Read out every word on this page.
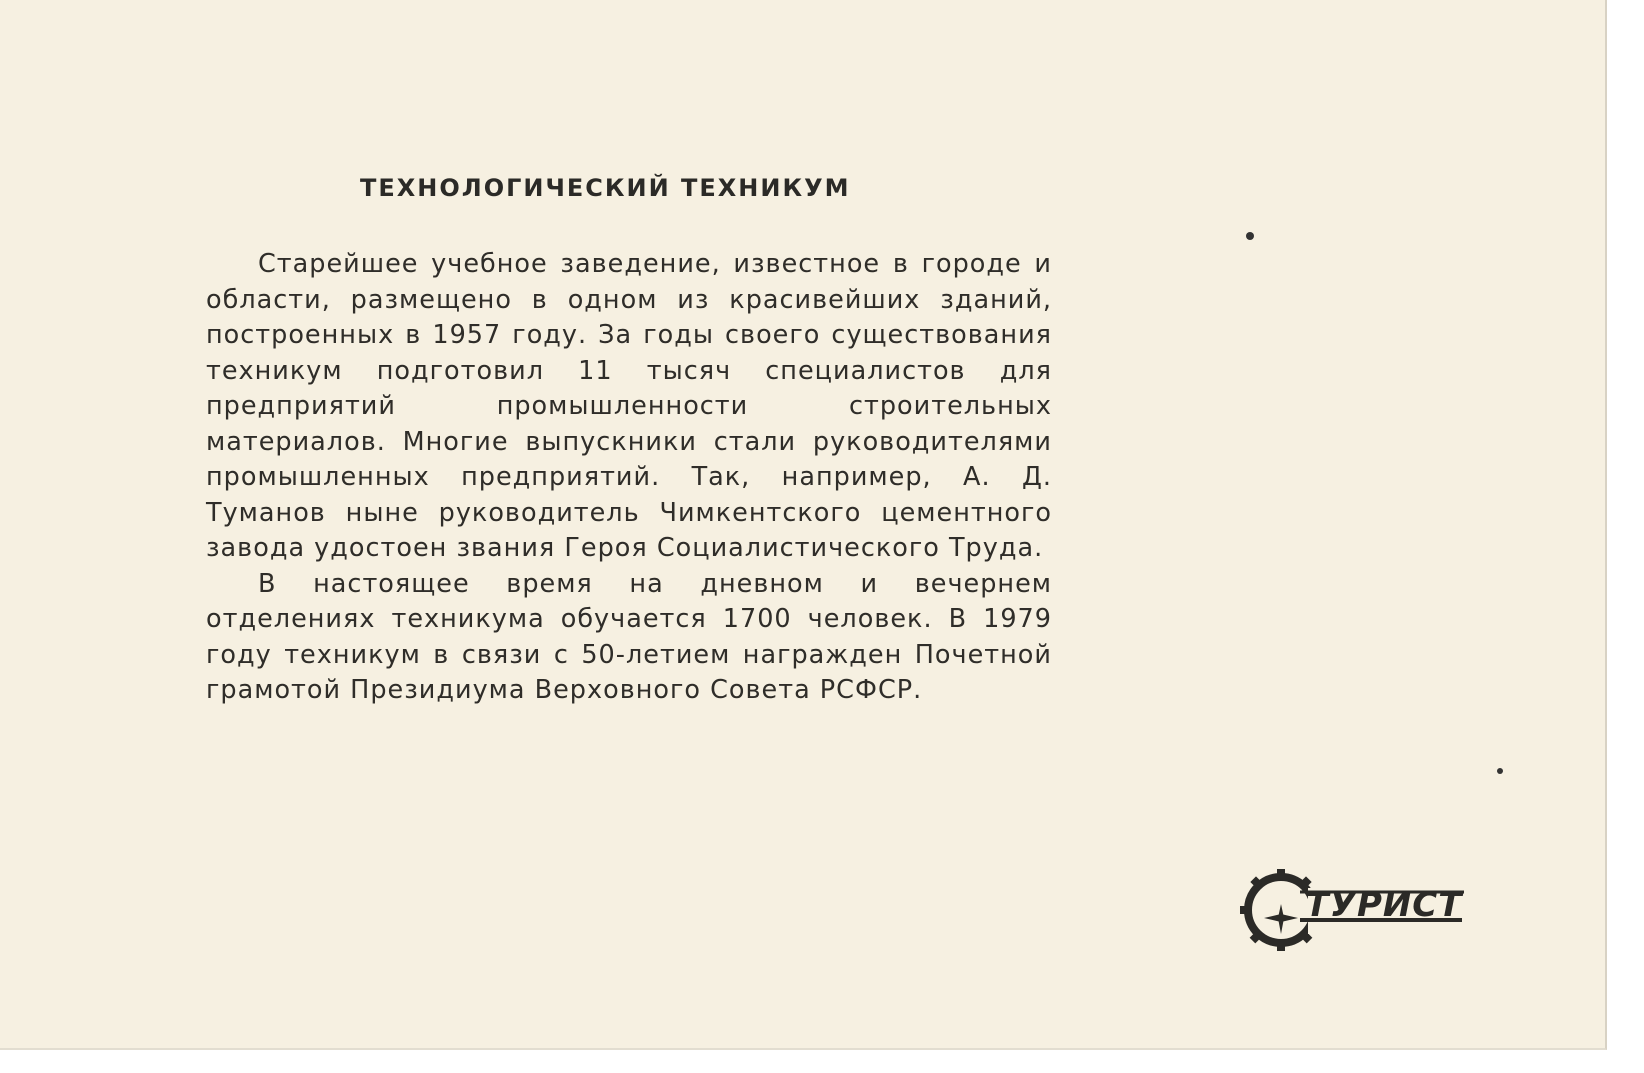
ТЕХНОЛОГИЧЕСКИЙ ТЕХНИКУМ

Старейшее учебное заведение, известное в городе и области, размещено в одном из красивейших зданий, построенных в 1957 году. За годы своего существования техникум подготовил 11 тысяч специалистов для предприятий промышленности строительных материалов. Многие выпускники стали руководителями промышленных предприятий. Так, например, А. Д. Туманов ныне руководитель Чимкентского цементного завода удостоен звания Героя Социалистического Труда.

В настоящее время на дневном и вечернем отделениях техникума обучается 1700 человек. В 1979 году техникум в связи с 50-летием награжден Почетной грамотой Президиума Верховного Совета РСФСР.

ТУРИСТ
